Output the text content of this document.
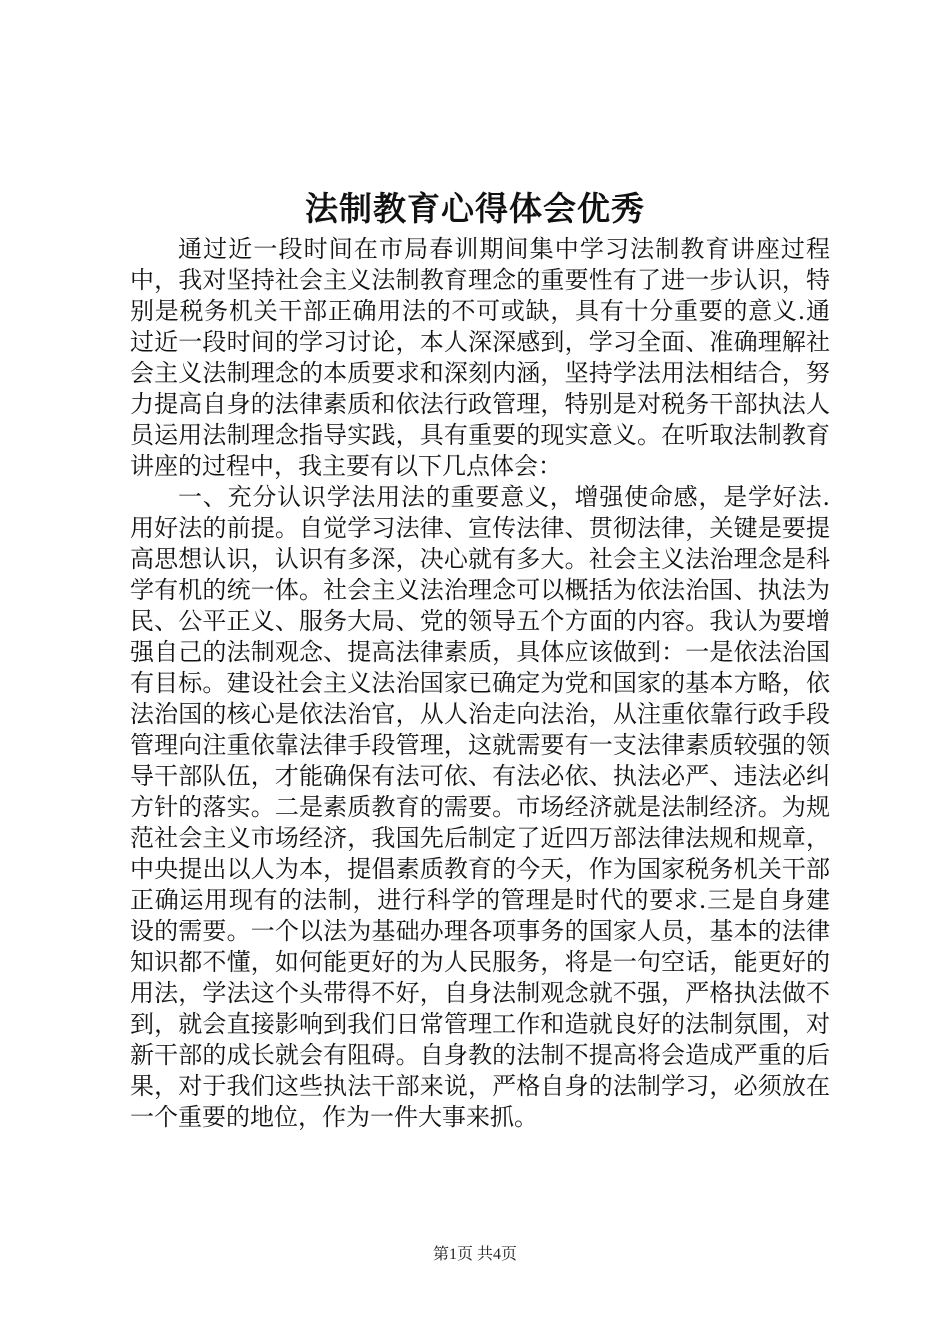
法制教育心得体会优秀

通过近一段时间在市局春训期间集中学习法制教育讲座过程中，我对坚持社会主义法制教育理念的重要性有了进一步认识，特别是税务机关干部正确用法的不可或缺，具有十分重要的意义.通过近一段时间的学习讨论，本人深深感到，学习全面、准确理解社会主义法制理念的本质要求和深刻内涵，坚持学法用法相结合，努力提高自身的法律素质和依法行政管理，特别是对税务干部执法人员运用法制理念指导实践，具有重要的现实意义。在听取法制教育讲座的过程中，我主要有以下几点体会：

一、充分认识学法用法的重要意义，增强使命感，是学好法.用好法的前提。自觉学习法律、宣传法律、贯彻法律，关键是要提高思想认识，认识有多深，决心就有多大。社会主义法治理念是科学有机的统一体。社会主义法治理念可以概括为依法治国、执法为民、公平正义、服务大局、党的领导五个方面的内容。我认为要增强自己的法制观念、提高法律素质，具体应该做到：一是依法治国有目标。建设社会主义法治国家已确定为党和国家的基本方略，依法治国的核心是依法治官，从人治走向法治，从注重依靠行政手段管理向注重依靠法律手段管理，这就需要有一支法律素质较强的领导干部队伍，才能确保有法可依、有法必依、执法必严、违法必纠方针的落实。二是素质教育的需要。市场经济就是法制经济。为规范社会主义市场经济，我国先后制定了近四万部法律法规和规章，中央提出以人为本，提倡素质教育的今天，作为国家税务机关干部正确运用现有的法制，进行科学的管理是时代的要求.三是自身建设的需要。一个以法为基础办理各项事务的国家人员，基本的法律知识都不懂，如何能更好的为人民服务，将是一句空话，能更好的用法，学法这个头带得不好，自身法制观念就不强，严格执法做不到，就会直接影响到我们日常管理工作和造就良好的法制氛围，对新干部的成长就会有阻碍。自身教的法制不提高将会造成严重的后果，对于我们这些执法干部来说，严格自身的法制学习，必须放在一个重要的地位，作为一件大事来抓。

第1页 共4页
